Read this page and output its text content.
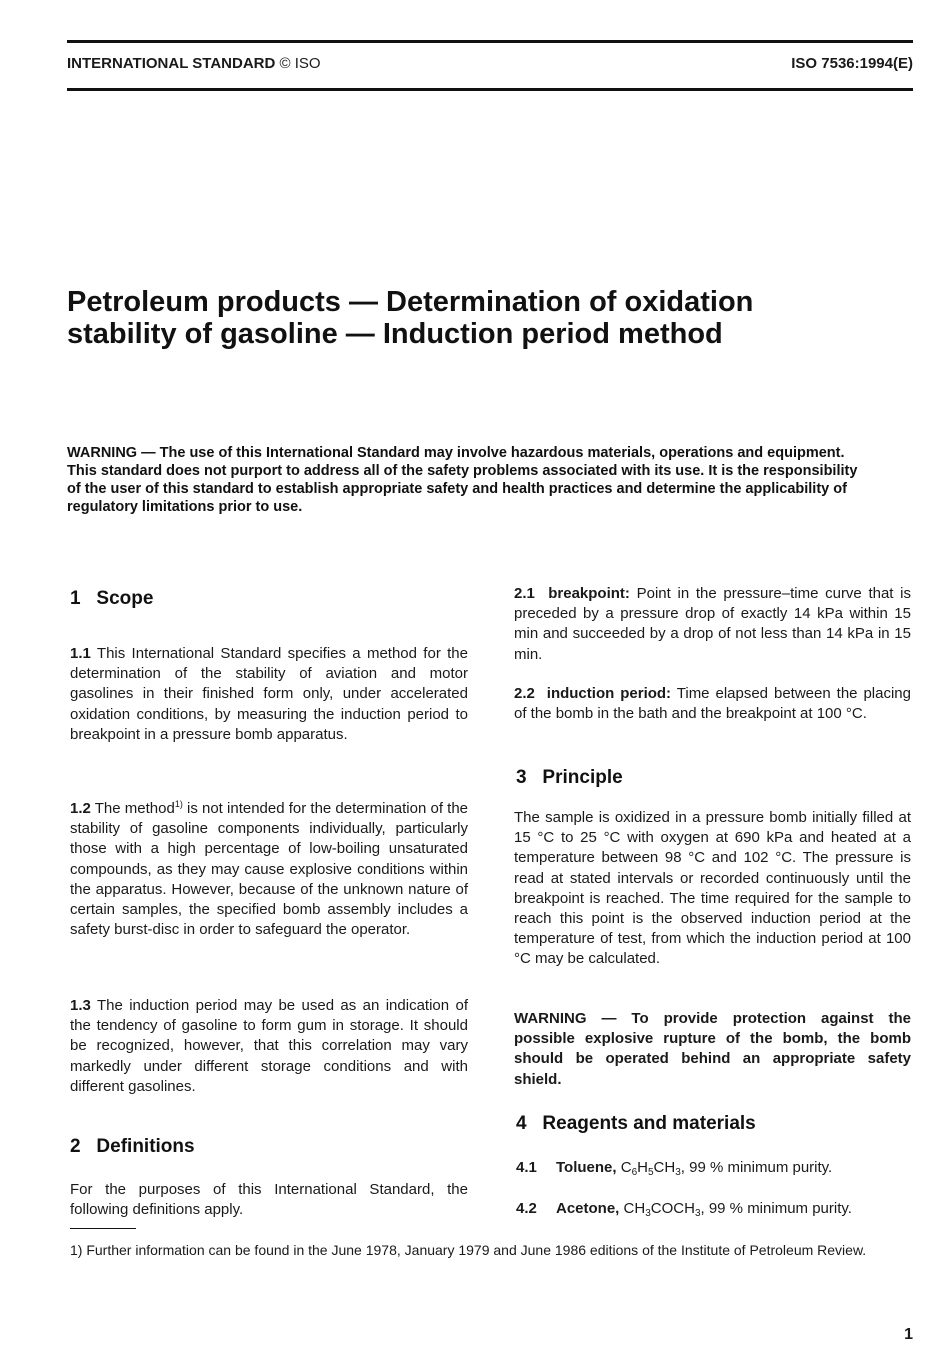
INTERNATIONAL STANDARD © ISO	ISO 7536:1994(E)
Petroleum products — Determination of oxidation
stability of gasoline — Induction period method
WARNING — The use of this International Standard may involve hazardous materials, operations and equipment. This standard does not purport to address all of the safety problems associated with its use. It is the responsibility of the user of this standard to establish appropriate safety and health practices and determine the applicability of regulatory limitations prior to use.
1 Scope
1.1 This International Standard specifies a method for the determination of the stability of aviation and motor gasolines in their finished form only, under accelerated oxidation conditions, by measuring the induction period to breakpoint in a pressure bomb apparatus.
1.2 The method$^{1)}$ is not intended for the determination of the stability of gasoline components individually, particularly those with a high percentage of low-boiling unsaturated compounds, as they may cause explosive conditions within the apparatus. However, because of the unknown nature of certain samples, the specified bomb assembly includes a safety burst-disc in order to safeguard the operator.
1.3 The induction period may be used as an indication of the tendency of gasoline to form gum in storage. It should be recognized, however, that this correlation may vary markedly under different storage conditions and with different gasolines.
2 Definitions
For the purposes of this International Standard, the following definitions apply.
2.1 breakpoint: Point in the pressure–time curve that is preceded by a pressure drop of exactly 14 kPa within 15 min and succeeded by a drop of not less than 14 kPa in 15 min.
2.2 induction period: Time elapsed between the placing of the bomb in the bath and the breakpoint at 100 °C.
3 Principle
The sample is oxidized in a pressure bomb initially filled at 15 °C to 25 °C with oxygen at 690 kPa and heated at a temperature between 98 °C and 102 °C. The pressure is read at stated intervals or recorded continuously until the breakpoint is reached. The time required for the sample to reach this point is the observed induction period at the temperature of test, from which the induction period at 100 °C may be calculated.
WARNING — To provide protection against the possible explosive rupture of the bomb, the bomb should be operated behind an appropriate safety shield.
4 Reagents and materials
4.1 Toluene, $C_6H_5CH_3$, 99 % minimum purity.
4.2 Acetone, $CH_3COCH_3$, 99 % minimum purity.
1) Further information can be found in the June 1978, January 1979 and June 1986 editions of the Institute of Petroleum Review.
1
